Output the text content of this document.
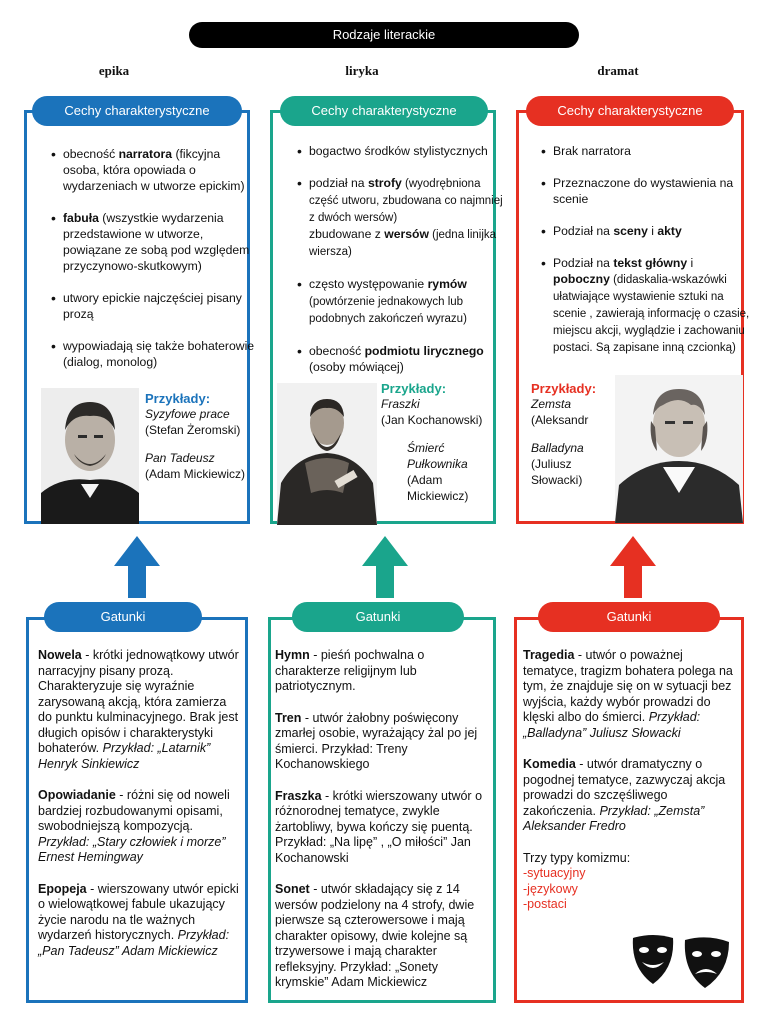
Rodzaje literackie
epika	liryka	dramat
• obecność narratora (fikcyjna osoba, która opowiada o wydarzeniach w utworze epickim)
• fabuła (wszystkie wydarzenia przedstawione w utworze, powiązane ze sobą pod względem przyczynowo-skutkowym)
• utwory epickie najczęściej pisany prozą
• wypowiadają się także bohaterowie (dialog, monolog)
Przykłady:
Syzyfowe prace
(Stefan Żeromski)
Pan Tadeusz
(Adam Mickiewicz)
Cechy charakterystyczne
• bogactwo środków stylistycznych
• podział na strofy (wyodrębniona część utworu, zbudowana co najmniej z dwóch wersów)
zbudowane z wersów (jedna linijka wiersza)
• często występowanie rymów (powtórzenie jednakowych lub podobnych zakończeń wyrazu)
• obecność podmiotu lirycznego (osoby mówiącej)
Przykłady:
Fraszki
(Jan Kochanowski)
Śmierć Pułkownika
(Adam Mickiewicz)
Cechy charakterystyczne
• Brak narratora
• Przeznaczone do wystawienia na scenie
• Podział na sceny i akty
• Podział na tekst główny i poboczny (didaskalia-wskazówki ułatwiające wystawienie sztuki na scenie , zawierają informację o czasie, miejscu akcji, wyglądzie i zachowaniu postaci. Są zapisane inną czcionką)
Przykłady:
Zemsta
(Aleksandr
Balladyna
(Juliusz Słowacki)
Cechy charakterystyczne

Nowela - krótki jednowątkowy utwór narracyjny pisany prozą. Charakteryzuje się wyraźnie zarysowaną akcją, która zamierza do punktu kulminacyjnego. Brak jest długich opisów i charakterystyki bohaterów. Przykład: „Latarnik” Henryk Sinkiewicz

Opowiadanie - różni się od noweli bardziej rozbudowanymi opisami, swobodniejszą kompozycją. Przykład: „Stary człowiek i morze” Ernest Hemingway

Epopeja - wierszowany utwór epicki o wielowątkowej fabule ukazujący życie narodu na tle ważnych wydarzeń historycznych. Przykład: „Pan Tadeusz” Adam Mickiewicz

Gatunki

Hymn - pieśń pochwalna o charakterze religijnym lub patriotycznym.

Tren - utwór żałobny poświęcony zmarłej osobie, wyrażający żal po jej śmierci. Przykład: Treny Kochanowskiego

Fraszka - krótki wierszowany utwór o różnorodnej tematyce, zwykle żartobliwy, bywa kończy się puentą. Przykład: „Na lipę” , „O miłości” Jan Kochanowski

Sonet - utwór składający się z 14 wersów podzielony na 4 strofy, dwie pierwsze są czterowersowe i mają charakter opisowy, dwie kolejne są trzywersowe i mają charakter refleksyjny. Przykład: „Sonety krymskie” Adam Mickiewicz

Gatunki

Tragedia - utwór o poważnej tematyce, tragizm bohatera polega na tym, że znajduje się on w sytuacji bez wyjścia, każdy wybór prowadzi do klęski albo do śmierci. Przykład: „Balladyna” Juliusz Słowacki

Komedia - utwór dramatyczny o pogodnej tematyce, zazwyczaj akcja prowadzi do szczęśliwego zakończenia. Przykład: „Zemsta” Aleksander Fredro

Trzy typy komizmu:
-sytuacyjny
-językowy
-postaci
Gatunki
